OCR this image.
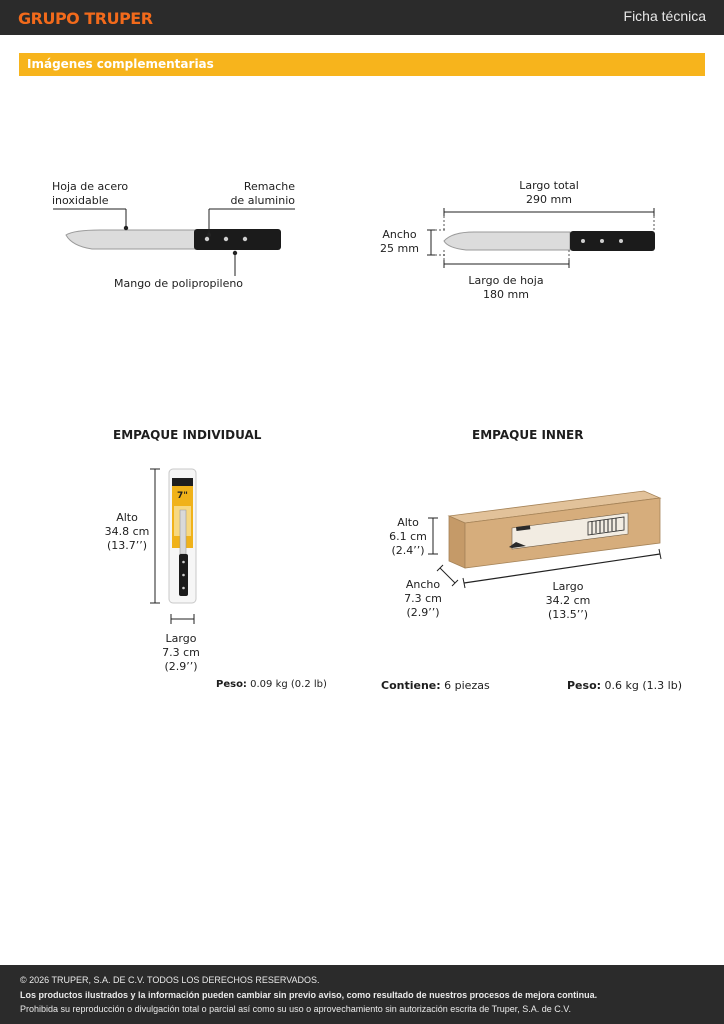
GRUPO TRUPER	Ficha técnica
Imágenes complementarias
7"
Hoja de acero
inoxidable
Remache
de aluminio
Mango de polipropileno
Largo total
290 mm
Ancho
25 mm
Largo de hoja
180 mm
EMPAQUE INDIVIDUAL
Alto
34.8 cm
(13.7’’)
Largo
7.3 cm
(2.9’’)
Peso: 0.09 kg (0.2 lb)
EMPAQUE INNER
Alto
6.1 cm
(2.4’’)
Ancho
7.3 cm
(2.9’’)
Largo
34.2 cm
(13.5’’)
Contiene: 6 piezas	Peso: 0.6 kg (1.3 lb)
© 2026 TRUPER, S.A. DE C.V. TODOS LOS DERECHOS RESERVADOS.
Los productos ilustrados y la información pueden cambiar sin previo aviso, como resultado de nuestros procesos de mejora continua.
Prohibida su reproducción o divulgación total o parcial así como su uso o aprovechamiento sin autorización escrita de Truper, S.A. de C.V.
